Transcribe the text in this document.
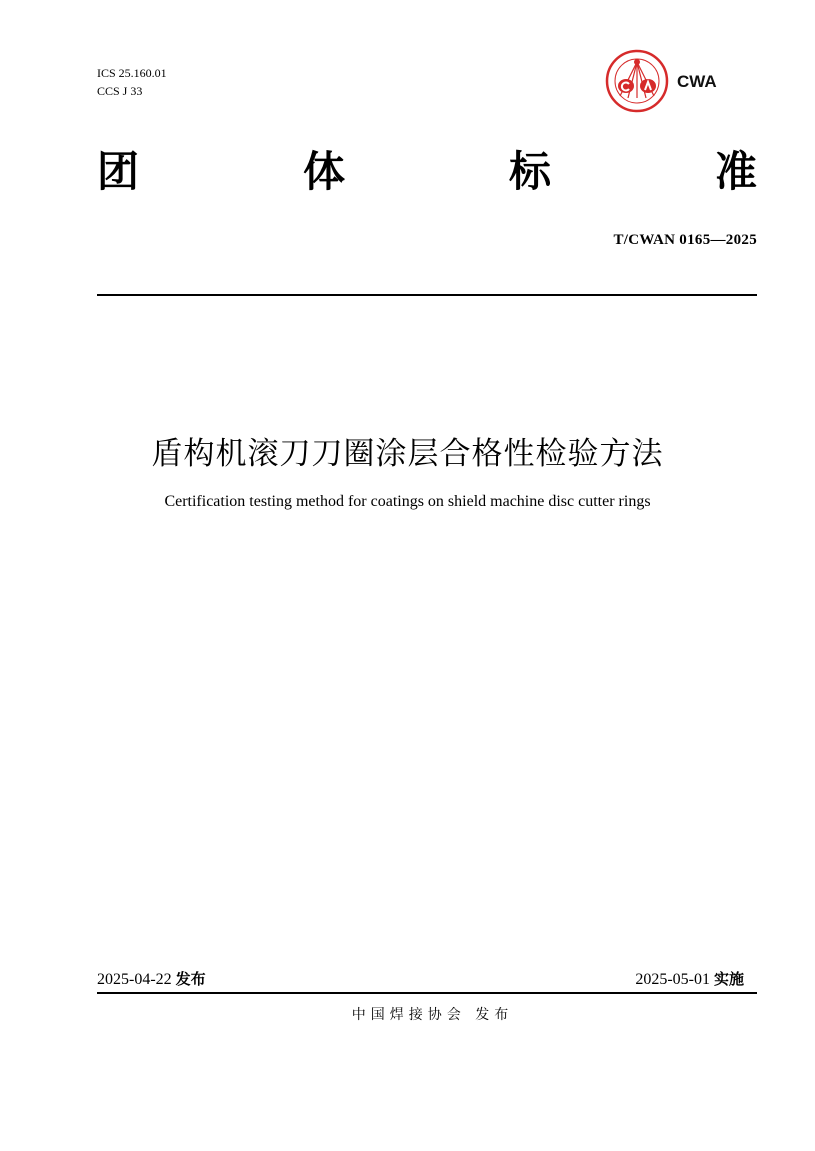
ICS 25.160.01
CCS J 33	CWA
团	体	标	准
T/CWAN 0165—2025
盾构机滚刀刀圈涂层合格性检验方法
Certification testing method for coatings on shield machine disc cutter rings
2025-04-22 发布	2025-05-01 实施
中国焊接协会 发布
